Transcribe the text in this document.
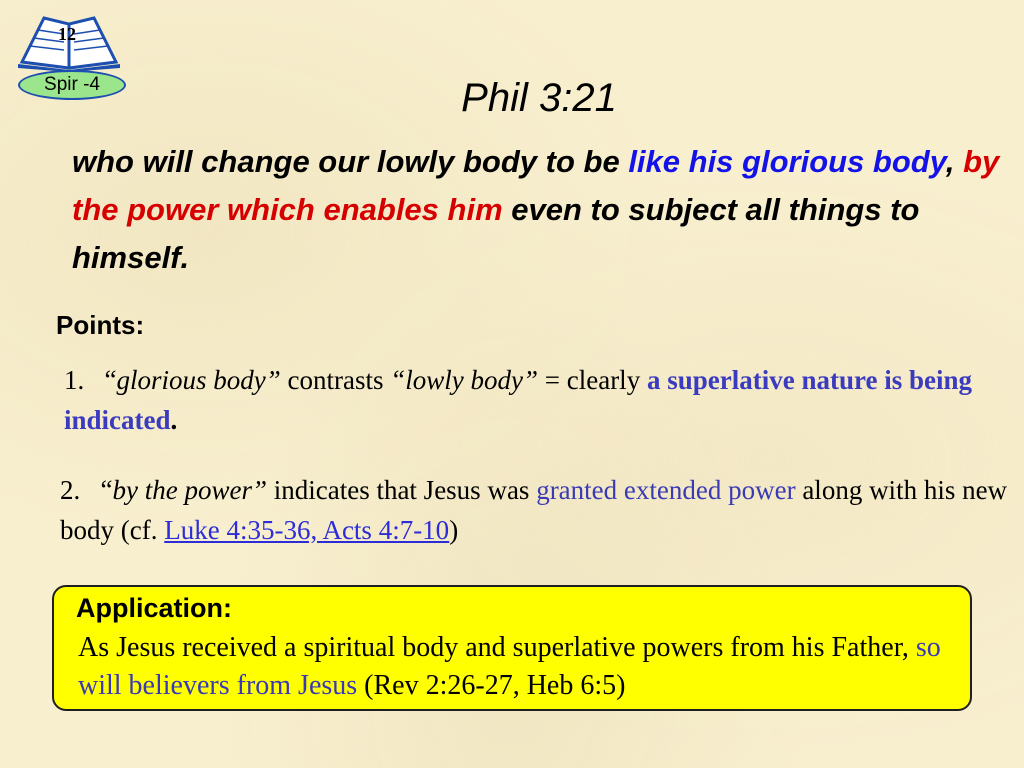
12
Spir -4	Phil 3:21
who will change our lowly body to be like his glorious body, by the power which enables him even to subject all things to himself.
Points:
1. “glorious body” contrasts “lowly body” = clearly a superlative nature is being indicated.
2. “by the power” indicates that Jesus was granted extended power along with his new body (cf. Luke 4:35-36, Acts 4:7-10)
Application:
As Jesus received a spiritual body and superlative powers from his Father, so will believers from Jesus (Rev 2:26-27, Heb 6:5)
